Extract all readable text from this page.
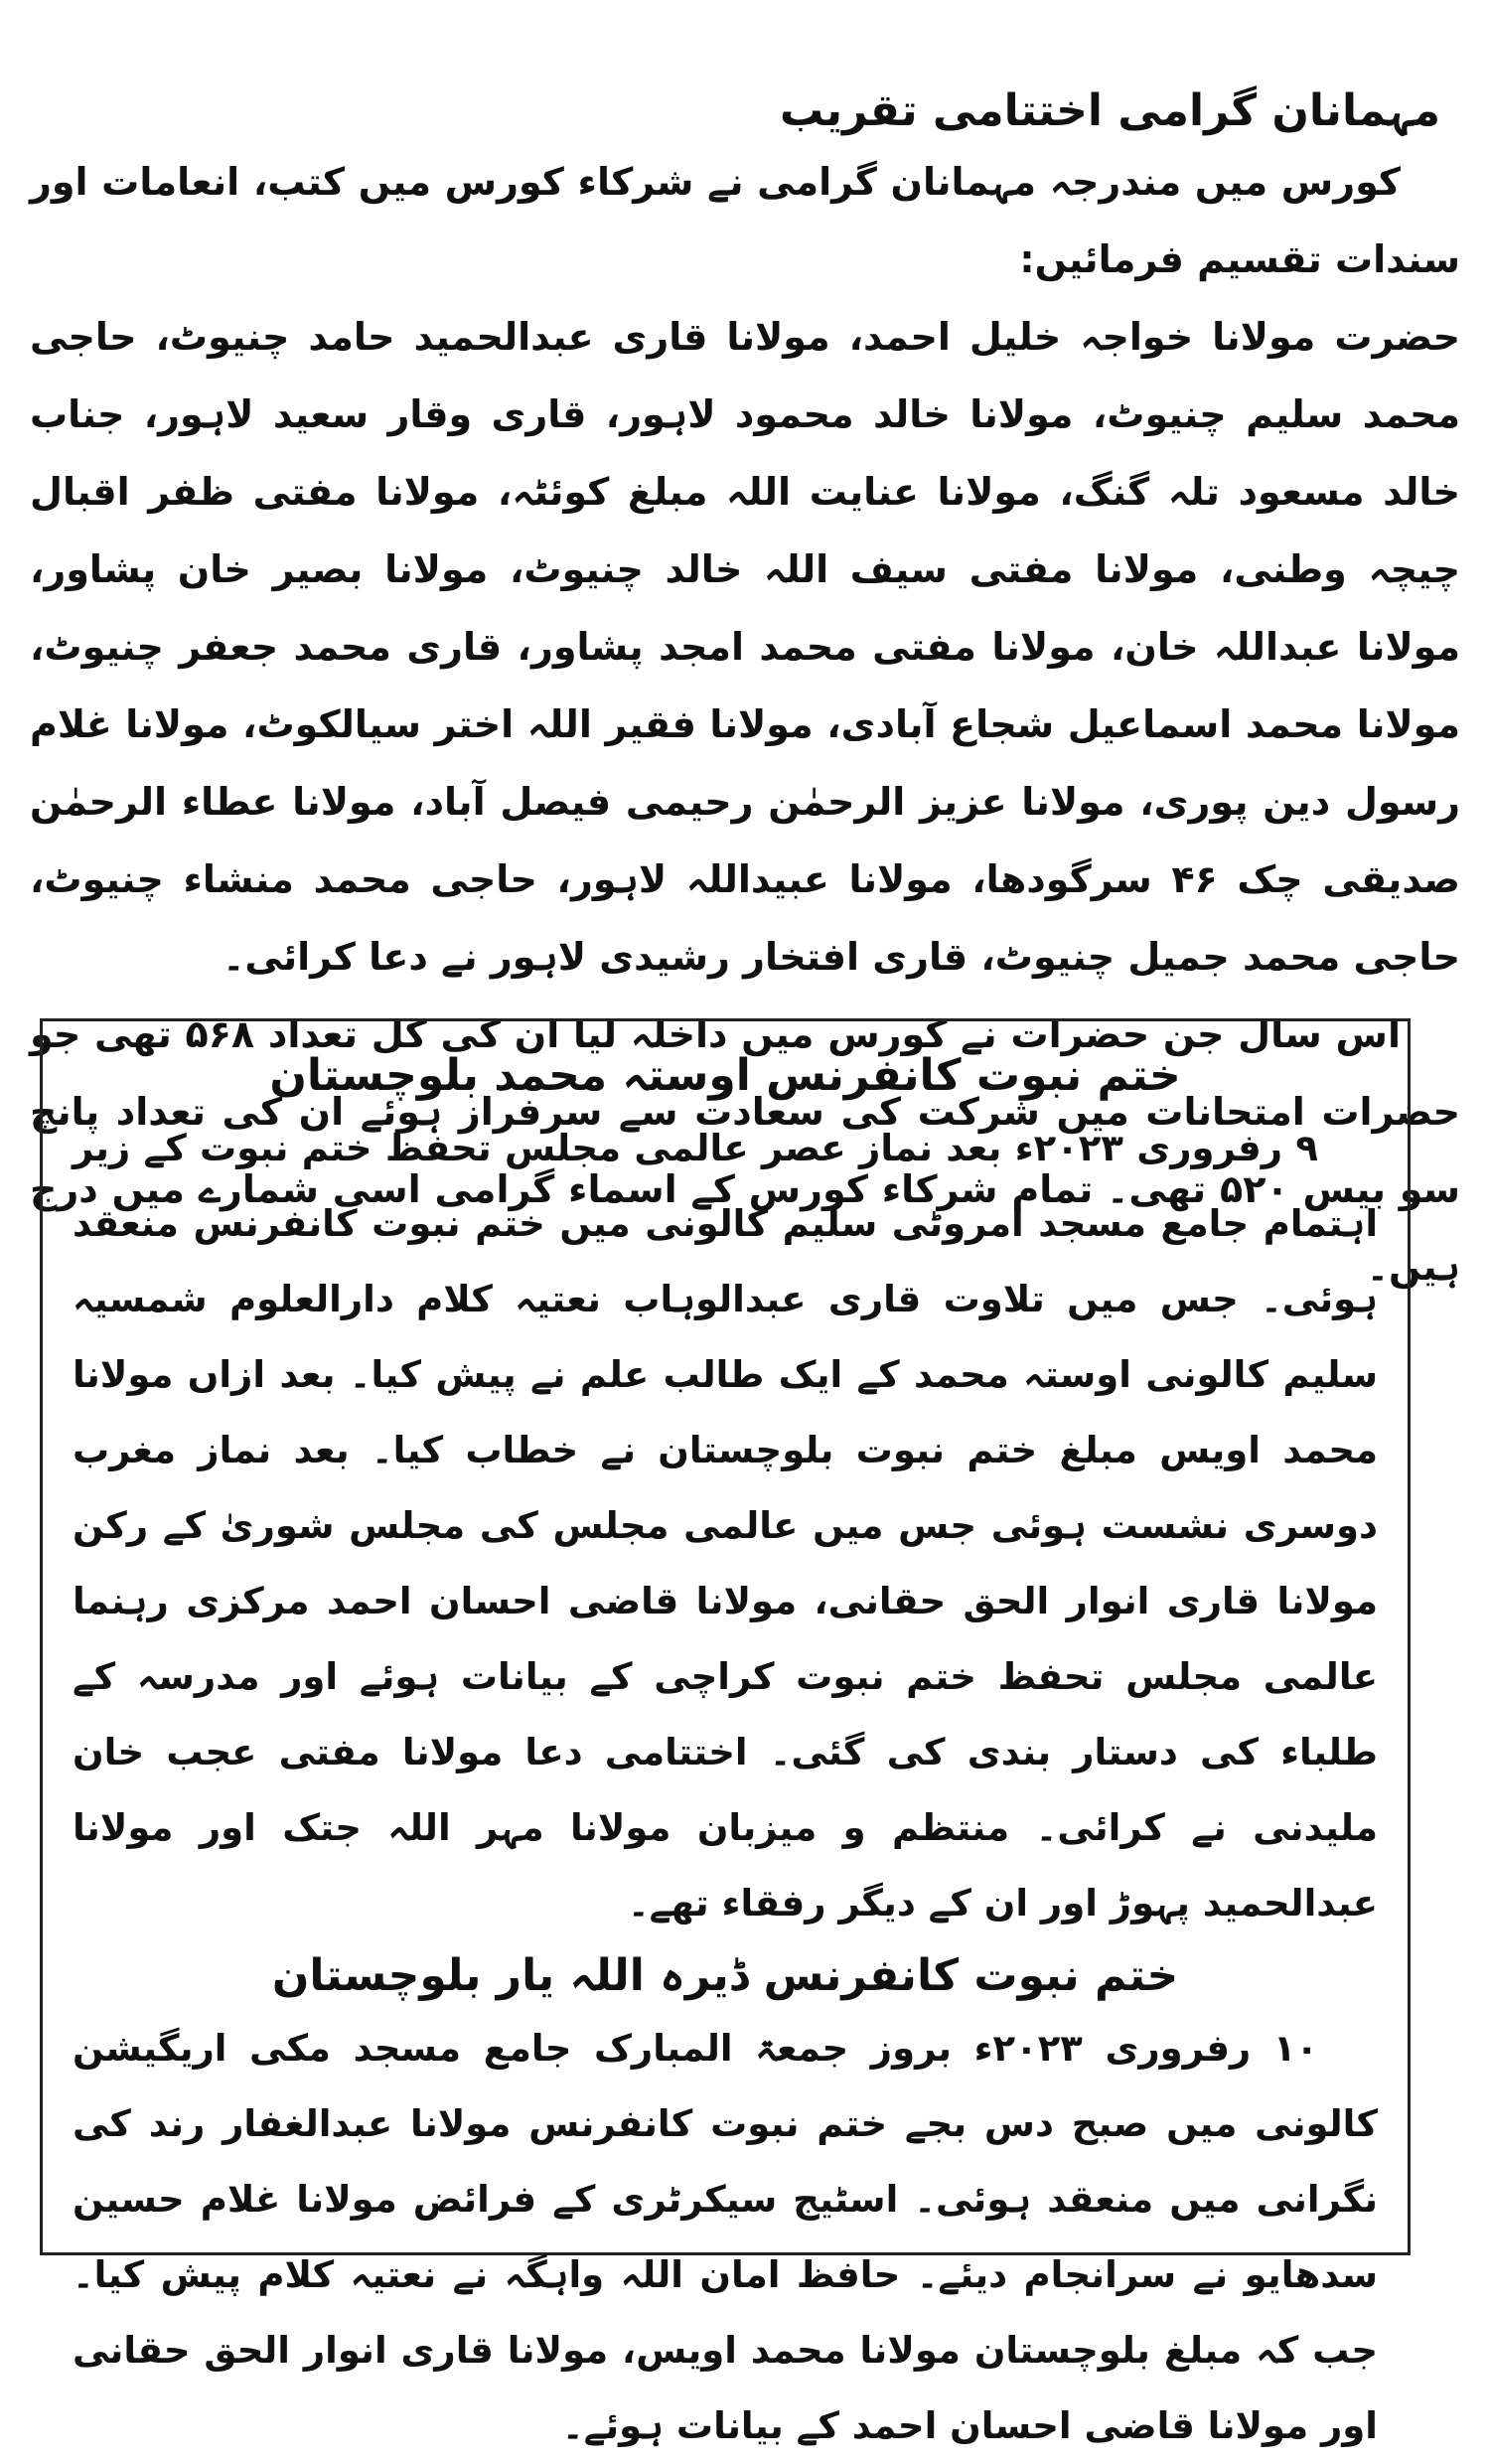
مہمانان گرامی اختتامی تقریب

کورس میں مندرجہ مہمانان گرامی نے شرکاء کورس میں کتب، انعامات اور سندات تقسیم فرمائیں:

حضرت مولانا خواجہ خلیل احمد، مولانا قاری عبدالحمید حامد چنیوٹ، حاجی محمد سلیم چنیوٹ، مولانا خالد محمود لاہور، قاری وقار سعید لاہور، جناب خالد مسعود تلہ گنگ، مولانا عنایت اللہ مبلغ کوئٹہ، مولانا مفتی ظفر اقبال چیچہ وطنی، مولانا مفتی سیف اللہ خالد چنیوٹ، مولانا بصیر خان پشاور، مولانا عبداللہ خان، مولانا مفتی محمد امجد پشاور، قاری محمد جعفر چنیوٹ، مولانا محمد اسماعیل شجاع آبادی، مولانا فقیر اللہ اختر سیالکوٹ، مولانا غلام رسول دین پوری، مولانا عزیز الرحمٰن رحیمی فیصل آباد، مولانا عطاء الرحمٰن صدیقی چک ۴۶ سرگودھا، مولانا عبیداللہ لاہور، حاجی محمد منشاء چنیوٹ، حاجی محمد جمیل چنیوٹ، قاری افتخار رشیدی لاہور نے دعا کرائی۔

اس سال جن حضرات نے کورس میں داخلہ لیا ان کی کل تعداد ۵۶۸ تھی جو حضرات امتحانات میں شرکت کی سعادت سے سرفراز ہوئے ان کی تعداد پانچ سو بیس ۵۲۰ تھی۔ تمام شرکاء کورس کے اسماء گرامی اسی شمارے میں درج ہیں۔

ختم نبوت کانفرنس اوستہ محمد بلوچستان

۹ رفروری ۲۰۲۳ء بعد نماز عصر عالمی مجلس تحفظ ختم نبوت کے زیر اہتمام جامع مسجد امروٹی سلیم کالونی میں ختم نبوت کانفرنس منعقد ہوئی۔ جس میں تلاوت قاری عبدالوہاب نعتیہ کلام دارالعلوم شمسیہ سلیم کالونی اوستہ محمد کے ایک طالب علم نے پیش کیا۔ بعد ازاں مولانا محمد اویس مبلغ ختم نبوت بلوچستان نے خطاب کیا۔ بعد نماز مغرب دوسری نشست ہوئی جس میں عالمی مجلس کی مجلس شوریٰ کے رکن مولانا قاری انوار الحق حقانی، مولانا قاضی احسان احمد مرکزی رہنما عالمی مجلس تحفظ ختم نبوت کراچی کے بیانات ہوئے اور مدرسہ کے طلباء کی دستار بندی کی گئی۔ اختتامی دعا مولانا مفتی عجب خان ملیدنی نے کرائی۔ منتظم و میزبان مولانا مہر اللہ جتک اور مولانا عبدالحمید پہوڑ اور ان کے دیگر رفقاء تھے۔

ختم نبوت کانفرنس ڈیرہ اللہ یار بلوچستان

۱۰ رفروری ۲۰۲۳ء بروز جمعۃ المبارک جامع مسجد مکی اریگیشن کالونی میں صبح دس بجے ختم نبوت کانفرنس مولانا عبدالغفار رند کی نگرانی میں منعقد ہوئی۔ اسٹیج سیکرٹری کے فرائض مولانا غلام حسین سدھایو نے سرانجام دیئے۔ حافظ امان اللہ واہگہ نے نعتیہ کلام پیش کیا۔ جب کہ مبلغ بلوچستان مولانا محمد اویس، مولانا قاری انوار الحق حقانی اور مولانا قاضی احسان احمد کے بیانات ہوئے۔
